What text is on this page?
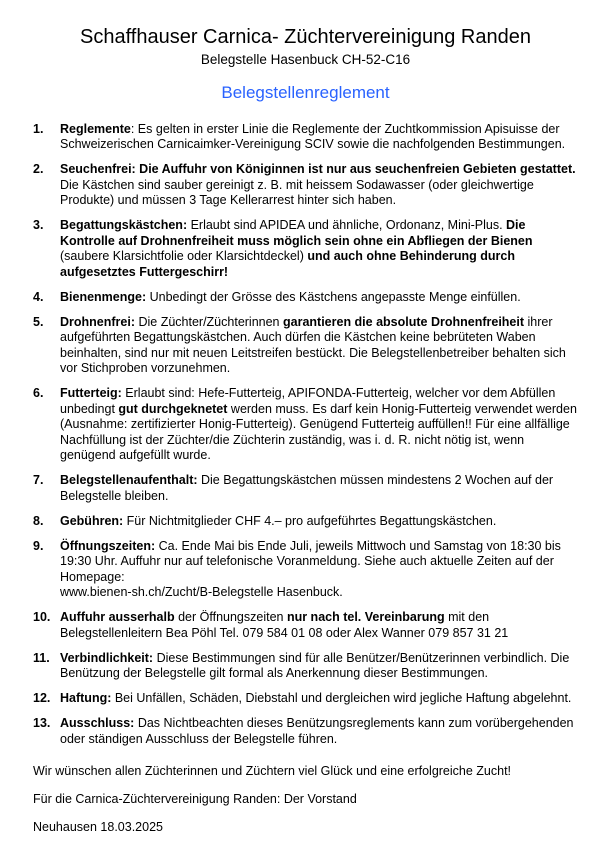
Schaffhauser Carnica- Züchtervereinigung Randen
Belegstelle Hasenbuck CH-52-C16
Belegstellenreglement
1.	Reglemente: Es gelten in erster Linie die Reglemente der Zuchtkommission Apisuisse der Schweizerischen Carnicaimker-Vereinigung SCIV sowie die nachfolgenden Bestimmungen.
2.	Seuchenfrei: Die Auffuhr von Königinnen ist nur aus seuchenfreien Gebieten gestattet. Die Kästchen sind sauber gereinigt z. B. mit heissem Sodawasser (oder gleichwertige Produkte) und müssen 3 Tage Kellerarrest hinter sich haben.
3.	Begattungskästchen: Erlaubt sind APIDEA und ähnliche, Ordonanz, Mini-Plus. Die Kontrolle auf Drohnenfreiheit muss möglich sein ohne ein Abfliegen der Bienen (saubere Klarsichtfolie oder Klarsichtdeckel) und auch ohne Behinderung durch aufgesetztes Futtergeschirr!
4.	Bienenmenge: Unbedingt der Grösse des Kästchens angepasste Menge einfüllen.
5.	Drohnenfrei: Die Züchter/Züchterinnen garantieren die absolute Drohnenfreiheit ihrer aufgeführten Begattungskästchen. Auch dürfen die Kästchen keine bebrüteten Waben beinhalten, sind nur mit neuen Leitstreifen bestückt. Die Belegstellenbetreiber behalten sich vor Stichproben vorzunehmen.
6.	Futterteig: Erlaubt sind: Hefe-Futterteig, APIFONDA-Futterteig, welcher vor dem Abfüllen unbedingt gut durchgeknetet werden muss. Es darf kein Honig-Futterteig verwendet werden (Ausnahme: zertifizierter Honig-Futterteig). Genügend Futterteig auffüllen!! Für eine allfällige Nachfüllung ist der Züchter/die Züchterin zuständig, was i. d. R. nicht nötig ist, wenn genügend aufgefüllt wurde.
7.	Belegstellenaufenthalt: Die Begattungskästchen müssen mindestens 2 Wochen auf der Belegstelle bleiben.
8.	Gebühren: Für Nichtmitglieder CHF 4.– pro aufgeführtes Begattungskästchen.
9.	Öffnungszeiten: Ca. Ende Mai bis Ende Juli, jeweils Mittwoch und Samstag von 18:30 bis 19:30 Uhr. Auffuhr nur auf telefonische Voranmeldung. Siehe auch aktuelle Zeiten auf der Homepage:
www.bienen-sh.ch/Zucht/B-Belegstelle Hasenbuck.
10. Auffuhr ausserhalb der Öffnungszeiten nur nach tel. Vereinbarung mit den Belegstellenleitern Bea Pöhl Tel. 079 584 01 08 oder Alex Wanner 079 857 31 21
11. Verbindlichkeit: Diese Bestimmungen sind für alle Benützer/Benützerinnen verbindlich. Die Benützung der Belegstelle gilt formal als Anerkennung dieser Bestimmungen.
12. Haftung: Bei Unfällen, Schäden, Diebstahl und dergleichen wird jegliche Haftung abgelehnt.
13. Ausschluss: Das Nichtbeachten dieses Benützungsreglements kann zum vorübergehenden oder ständigen Ausschluss der Belegstelle führen.

Wir wünschen allen Züchterinnen und Züchtern viel Glück und eine erfolgreiche Zucht!

Für die Carnica-Züchtervereinigung Randen: Der Vorstand

Neuhausen 18.03.2025
